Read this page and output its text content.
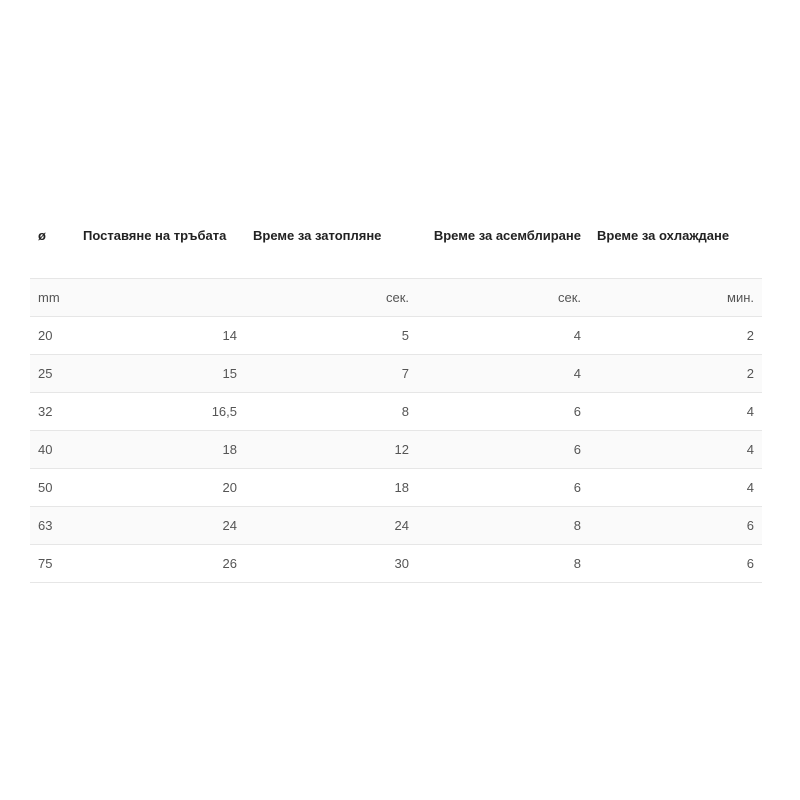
ø	Поставяне на тръбата	Време за затопляне	Време за асемблиране	Време за охлаждане
mm		сек.	сек.	мин.
20	14	5	4	2
25	15	7	4	2
32	16,5	8	6	4
40	18	12	6	4
50	20	18	6	4
63	24	24	8	6
75	26	30	8	6
